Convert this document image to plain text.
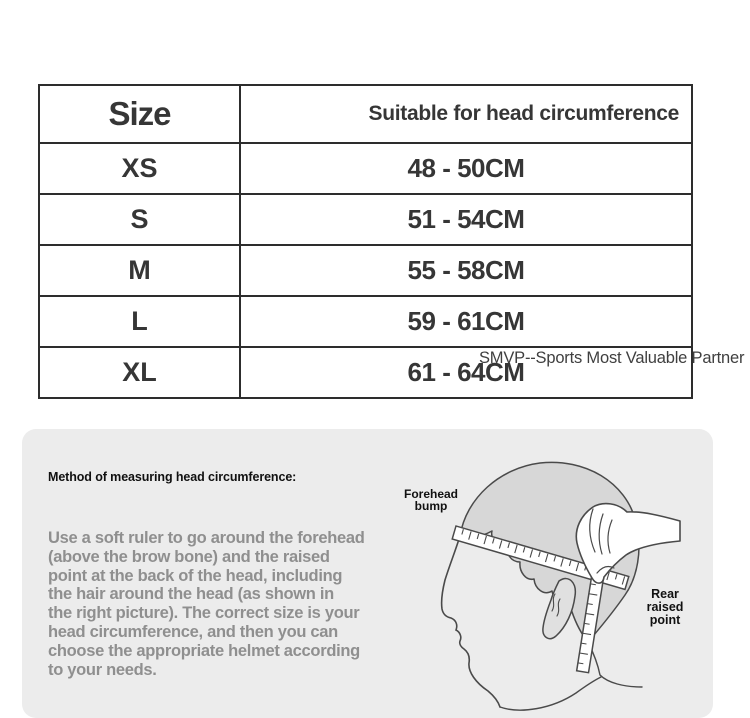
Size	Suitable for head circumference
XS	48 - 50CM
S	51 - 54CM
M	55 - 58CM
L	59 - 61CM
XL	61 - 64CM
SMVP--Sports Most Valuable Partner
Method of measuring head circumference:
Use a soft ruler to go around the forehead
(above the brow bone) and the raised
point at the back of the head, including
the hair around the head (as shown in
the right picture). The correct size is your
head circumference, and then you can
choose the appropriate helmet according
to your needs.
Forehead
bump
Rear
raised
point
